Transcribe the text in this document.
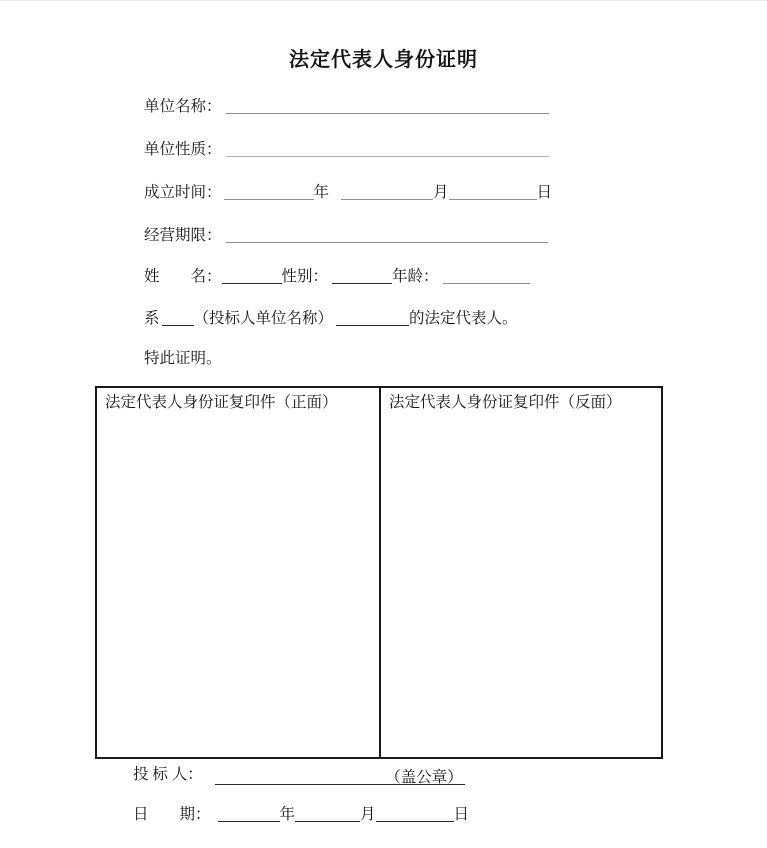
法定代表人身份证明
单位名称：
单位性质：
成立时间：	年	月	日
经营期限：
姓　　名：	性别：	年龄：
系 （投标人单位名称）	的法定代表人。
特此证明。
法定代表人身份证复印件（正面）	法定代表人身份证复印件（反面）
投 标 人：	（盖公章）
日　　期：	年	月	日
